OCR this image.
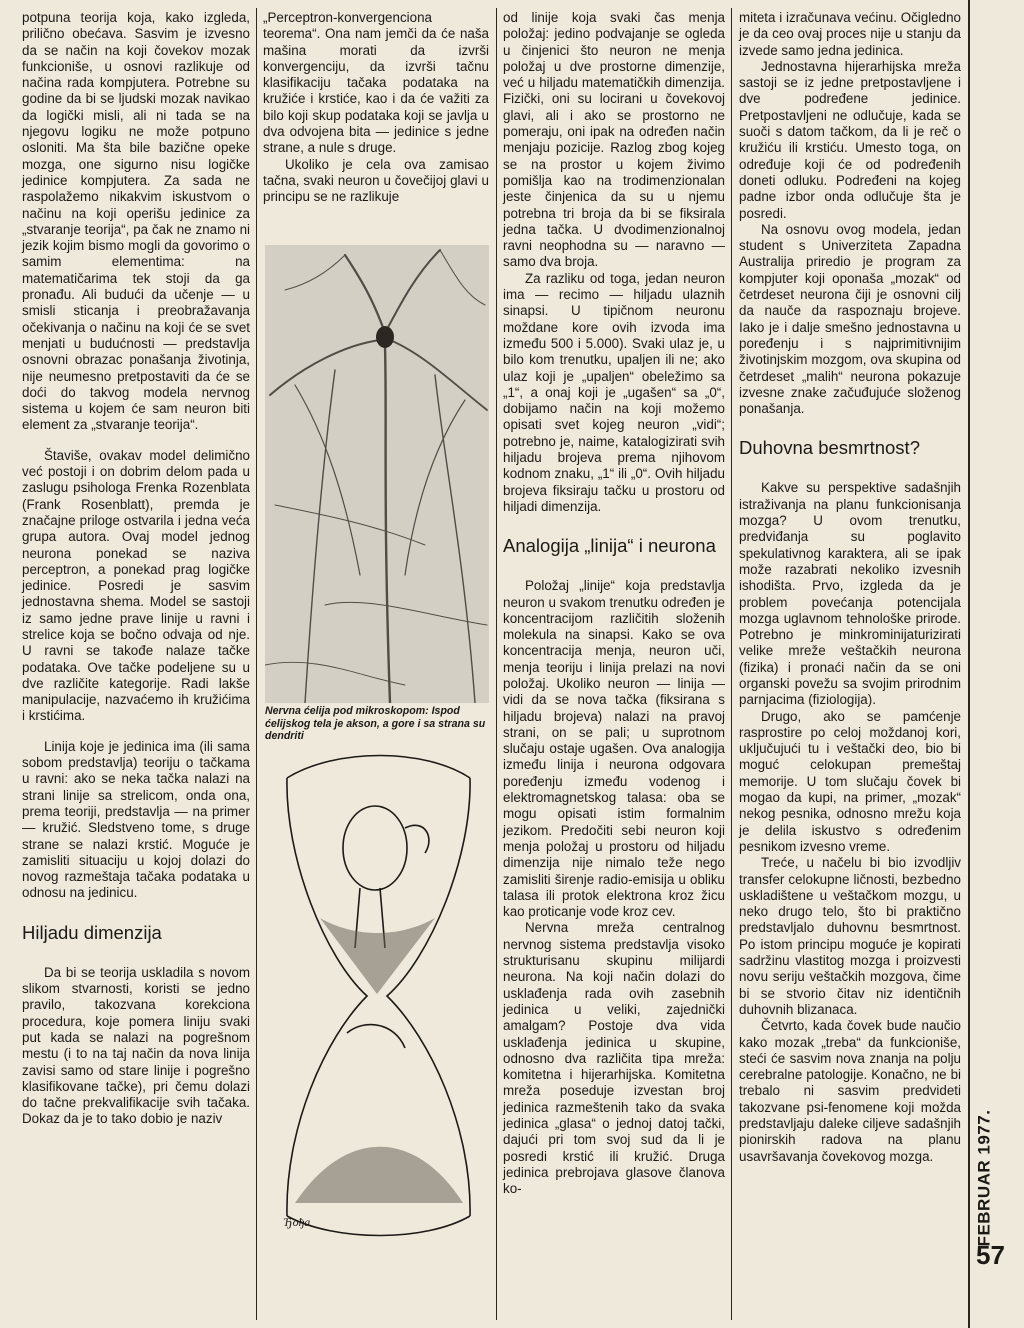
potpuna teorija koja, kako izgleda, prilično obećava. Sasvim je izvesno da se način na koji čovekov mozak funkcioniše, u osnovi razlikuje od načina rada kompjutera. Potrebne su godine da bi se ljudski mozak navikao da logički misli, ali ni tada se na njegovu logiku ne može potpuno osloniti. Ma šta bile bazične opeke mozga, one sigurno nisu logičke jedinice kompjutera. Za sada ne raspolažemo nikakvim iskustvom o načinu na koji operišu jedinice za „stvaranje teorija“, pa čak ne znamo ni jezik kojim bismo mogli da govorimo o samim elementima: na matematičarima tek stoji da ga pronađu. Ali budući da učenje — u smisli sticanja i preobražavanja očekivanja o načinu na koji će se svet menjati u budućnosti — predstavlja osnovni obrazac ponašanja životinja, nije neumesno pretpostaviti da će se doći do takvog modela nervnog sistema u kojem će sam neuron biti element za „stvaranje teorija“.

Štaviše, ovakav model delimično već postoji i on dobrim delom pada u zaslugu psihologa Frenka Rozenblata (Frank Rosenblatt), premda je značajne priloge ostvarila i jedna veća grupa autora. Ovaj model jednog neurona ponekad se naziva perceptron, a ponekad prag logičke jedinice. Posredi je sasvim jednostavna shema. Model se sastoji iz samo jedne prave linije u ravni i strelice koja se bočno odvaja od nje. U ravni se takođe nalaze tačke podataka. Ove tačke podeljene su u dve različite kategorije. Radi lakše manipulacije, nazvaćemo ih kružićima i krstićima.

Linija koje je jedinica ima (ili sama sobom predstavlja) teoriju o tačkama u ravni: ako se neka tačka nalazi na strani linije sa strelicom, onda ona, prema teoriji, predstavlja — na primer — kružić. Sledstveno tome, s druge strane se nalazi krstić. Moguće je zamisliti situaciju u kojoj dolazi do novog razmeštaja tačaka podataka u odnosu na jedinicu.

Hiljadu dimenzija

Da bi se teorija uskladila s novom slikom stvarnosti, koristi se jedno pravilo, takozvana korekciona procedura, koje pomera liniju svaki put kada se nalazi na pogrešnom mestu (i to na taj način da nova linija zavisi samo od stare linije i pogrešno klasifikovane tačke), pri čemu dolazi do tačne prekvalifikacije svih tačaka. Dokaz da je to tako dobio je naziv

„Perceptron-konvergenciona teorema“. Ona nam jemči da će naša mašina morati da izvrši konvergenciju, da izvrši tačnu klasifikaciju tačaka podataka na kružiće i krstiće, kao i da će važiti za bilo koji skup podataka koji se javlja u dva odvojena bita — jedinice s jedne strane, a nule s druge.

Ukoliko je cela ova zamisao tačna, svaki neuron u čovečijoj glavi u principu se ne razlikuje

Nervna ćelija pod mikroskopom: Ispod ćelijskog tela je akson, a gore i sa strana su dendriti
Ђођа

od linije koja svaki čas menja položaj: jedino podvajanje se ogleda u činjenici što neuron ne menja položaj u dve prostorne dimenzije, već u hiljadu matematičkih dimenzija. Fizički, oni su locirani u čovekovoj glavi, ali i ako se prostorno ne pomeraju, oni ipak na određen način menjaju pozicije. Razlog zbog kojeg se na prostor u kojem živimo pomišlja kao na trodimenzionalan jeste činjenica da su u njemu potrebna tri broja da bi se fiksirala jedna tačka. U dvodimenzionalnoj ravni neophodna su — naravno — samo dva broja.

Za razliku od toga, jedan neuron ima — recimo — hiljadu ulaznih sinapsi. U tipičnom neuronu moždane kore ovih izvoda ima između 500 i 5.000). Svaki ulaz je, u bilo kom trenutku, upaljen ili ne; ako ulaz koji je „upaljen“ obeležimo sa „1“, a onaj koji je „ugašen“ sa „0“, dobijamo način na koji možemo opisati svet kojeg neuron „vidi“; potrebno je, naime, katalogizirati svih hiljadu brojeva prema njihovom kodnom znaku, „1“ ili „0“. Ovih hiljadu brojeva fiksiraju tačku u prostoru od hiljadi dimenzija.

Analogija „linija“ i neurona

Položaj „linije“ koja predstavlja neuron u svakom trenutku određen je koncentracijom različitih složenih molekula na sinapsi. Kako se ova koncentracija menja, neuron uči, menja teoriju i linija prelazi na novi položaj. Ukoliko neuron — linija — vidi da se nova tačka (fiksirana s hiljadu brojeva) nalazi na pravoj strani, on se pali; u suprotnom slučaju ostaje ugašen. Ova analogija između linija i neurona odgovara poređenju između vodenog i elektromagnetskog talasa: oba se mogu opisati istim formalnim jezikom. Predočiti sebi neuron koji menja položaj u prostoru od hiljadu dimenzija nije nimalo teže nego zamisliti širenje radio-emisija u obliku talasa ili protok elektrona kroz žicu kao proticanje vode kroz cev.

Nervna mreža centralnog nervnog sistema predstavlja visoko strukturisanu skupinu milijardi neurona. Na koji način dolazi do usklađenja rada ovih zasebnih jedinica u veliki, zajednički amalgam? Postoje dva vida usklađenja jedinica u skupine, odnosno dva različita tipa mreža: komitetna i hijerarhijska. Komitetna mreža poseduje izvestan broj jedinica razmeštenih tako da svaka jedinica „glasa“ o jednoj datoj tački, dajući pri tom svoj sud da li je posredi krstić ili kružić. Druga jedinica prebrojava glasove članova ko-

miteta i izračunava većinu. Očigledno je da ceo ovaj proces nije u stanju da izvede samo jedna jedinica.

Jednostavna hijerarhijska mreža sastoji se iz jedne pretpostavljene i dve podređene jedinice. Pretpostavljeni ne odlučuje, kada se suoči s datom tačkom, da li je reč o kružiću ili krstiću. Umesto toga, on određuje koji će od podređenih doneti odluku. Podređeni na kojeg padne izbor onda odlučuje šta je posredi.

Na osnovu ovog modela, jedan student s Univerziteta Zapadna Australija priredio je program za kompjuter koji oponaša „mozak“ od četrdeset neurona čiji je osnovni cilj da nauče da raspoznaju brojeve. Iako je i dalje smešno jednostavna u poređenju i s najprimitivnijim životinjskim mozgom, ova skupina od četrdeset „malih“ neurona pokazuje izvesne znake začuđujuće složenog ponašanja.

Duhovna besmrtnost?

Kakve su perspektive sadašnjih istraživanja na planu funkcionisanja mozga? U ovom trenutku, predviđanja su poglavito spekulativnog karaktera, ali se ipak može razabrati nekoliko izvesnih ishodišta. Prvo, izgleda da je problem povećanja potencijala mozga uglavnom tehnološke prirode. Potrebno je minkrominijaturizirati velike mreže veštačkih neurona (fizika) i pronaći način da se oni organski povežu sa svojim prirodnim parnjacima (fiziologija).

Drugo, ako se pamćenje rasprostire po celoj moždanoj kori, uključujući tu i veštački deo, bio bi moguć celokupan premeštaj memorije. U tom slučaju čovek bi mogao da kupi, na primer, „mozak“ nekog pesnika, odnosno mrežu koja je delila iskustvo s određenim pesnikom izvesno vreme.

Treće, u načelu bi bio izvodljiv transfer celokupne ličnosti, bezbedno uskladištene u veštačkom mozgu, u neko drugo telo, što bi praktično predstavljalo duhovnu besmrtnost. Po istom principu moguće je kopirati sadržinu vlastitog mozga i proizvesti novu seriju veštačkih mozgova, čime bi se stvorio čitav niz identičnih duhovnih blizanaca.

Četvrto, kada čovek bude naučio kako mozak „treba“ da funkcioniše, steći će sasvim nova znanja na polju cerebralne patologije. Konačno, ne bi trebalo ni sasvim predvideti takozvane psi-fenomene koji možda predstavljaju daleke ciljeve sadašnjih pionirskih radova na planu usavršavanja čovekovog mozga.	FEBRUAR 1977.
57
